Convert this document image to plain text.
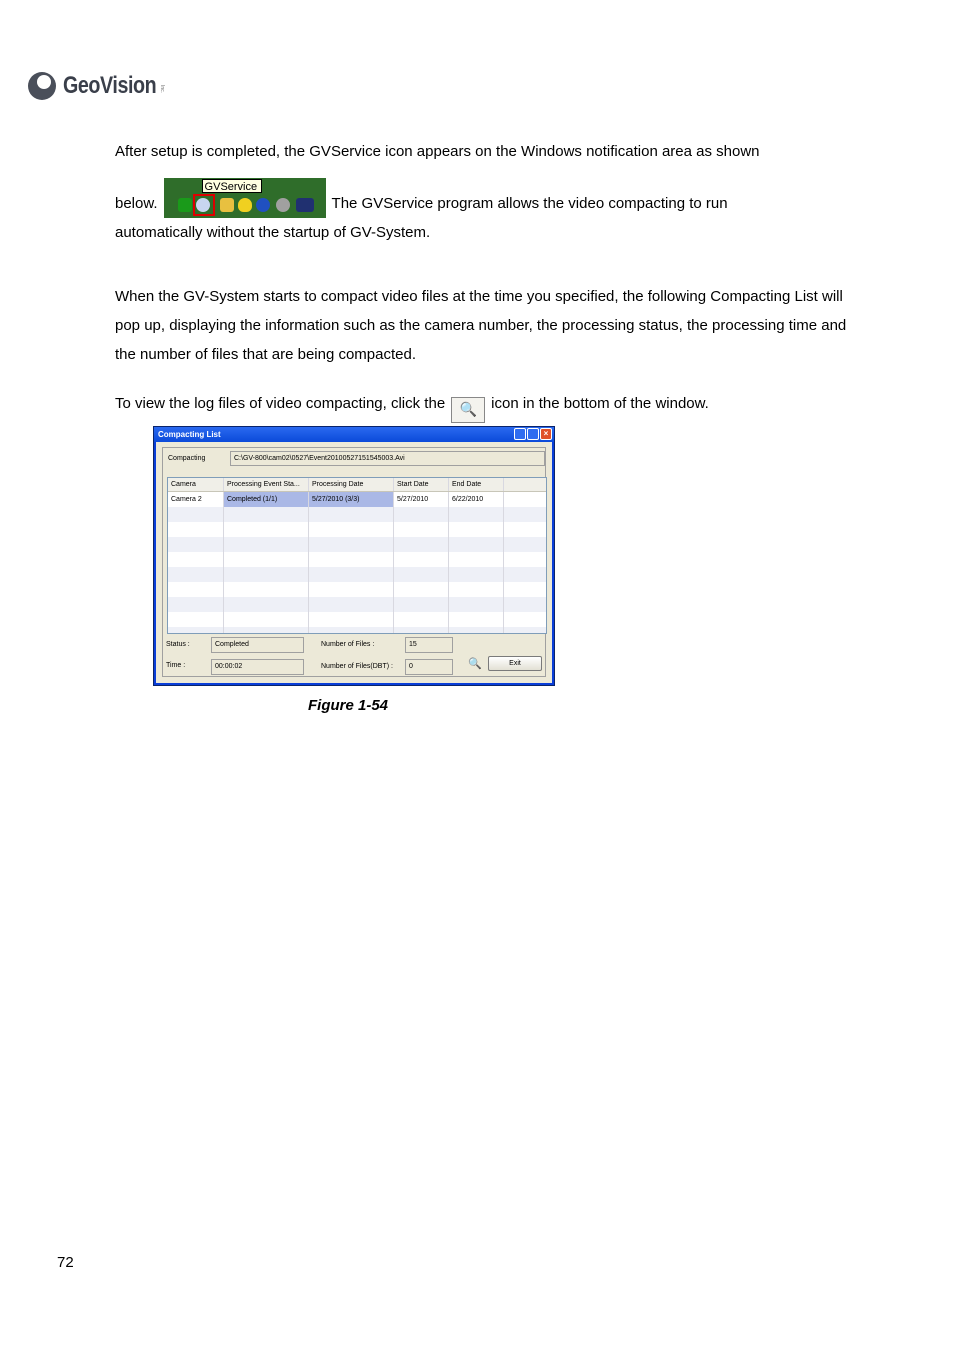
GeoVision Inc.
After setup is completed, the GVService icon appears on the Windows notification area as shown
below.
GVService
The GVService program allows the video compacting to run
automatically without the startup of GV-System.
When the GV-System starts to compact video files at the time you specified, the following Compacting List will pop up, displaying the information such as the camera number, the processing status, the processing time and the number of files that are being compacted.
To view the log files of video compacting, click the 🔍 icon in the bottom of the window.
Compacting List	×
Compacting	C:\GV-800\cam02\0527\Event20100527151545003.Avi
Camera	Processing Event Sta...	Processing Date	Start Date	End Date
Camera 2	Completed (1/1)	5/27/2010 (3/3)	5/27/2010	6/22/2010
Status :	Completed
Time :	00:00:02
Number of Files :	15
Number of Files(DBT) :	0	🔍	Exit
Figure 1-54
72
